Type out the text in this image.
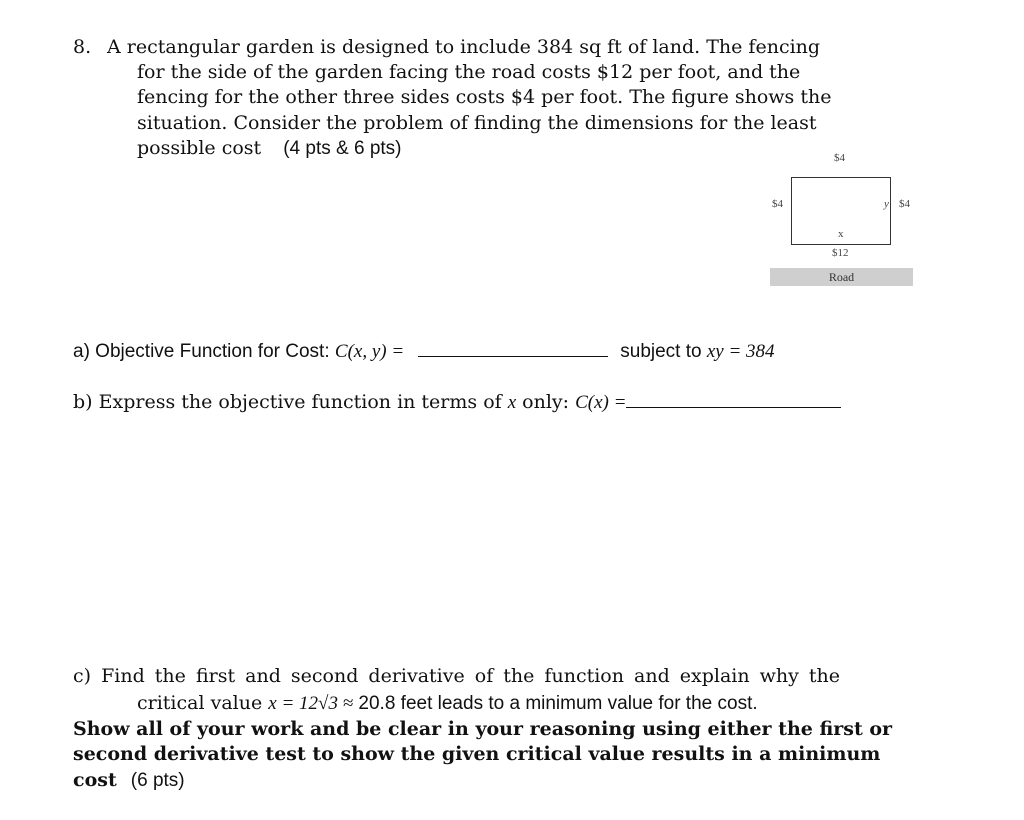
8. A rectangular garden is designed to include 384 sq ft of land. The fencing
for the side of the garden facing the road costs $12 per foot, and the
fencing for the other three sides costs $4 per foot. The figure shows the
situation. Consider the problem of finding the dimensions for the least
possible cost (4 pts & 6 pts)	$4
$4	y $4
x
$12
Road
a) Objective Function for Cost: C(x, y) =	subject to xy = 384
b) Express the objective function in terms of x only: C(x) =
c) Find the first and second derivative of the function and explain why the
critical value x = 12√3 ≈ 20.8 feet leads to a minimum value for the cost.
Show all of your work and be clear in your reasoning using either the first or
second derivative test to show the given critical value results in a minimum
cost (6 pts)
